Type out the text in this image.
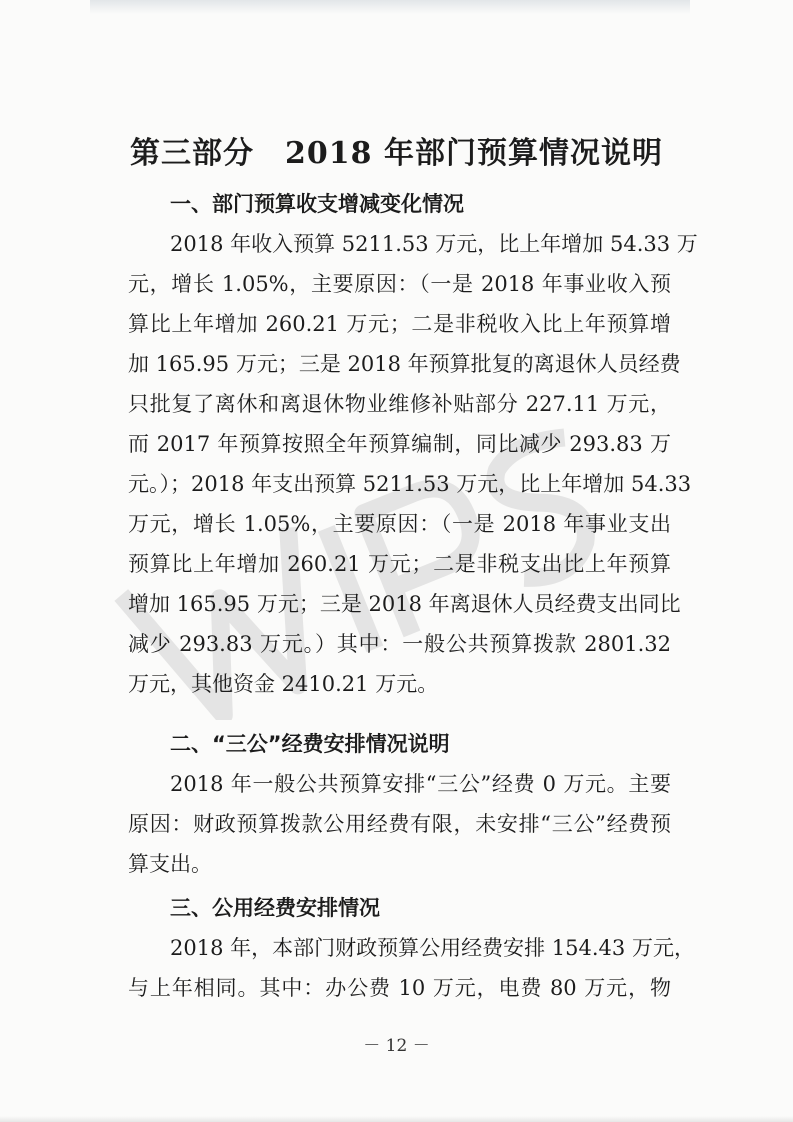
第三部分　2018 年部门预算情况说明
一、部门预算收支增减变化情况
2018 年收入预算 5211.53 万元，比上年增加 54.33 万
元，增长 1.05%，主要原因：（一是 2018 年事业收入预
算比上年增加 260.21 万元；二是非税收入比上年预算增
加 165.95 万元；三是 2018 年预算批复的离退休人员经费
只批复了离休和离退休物业维修补贴部分 227.11 万元，
而 2017 年预算按照全年预算编制，同比减少 293.83 万
元。）；2018 年支出预算 5211.53 万元，比上年增加 54.33
万元，增长 1.05%，主要原因：（一是 2018 年事业支出
预算比上年增加 260.21 万元；二是非税支出比上年预算
增加 165.95 万元；三是 2018 年离退休人员经费支出同比
减少 293.83 万元。）其中：一般公共预算拨款 2801.32
万元，其他资金 2410.21 万元。
二、“三公”经费安排情况说明
2018 年一般公共预算安排“三公”经费 0 万元。主要
原因：财政预算拨款公用经费有限，未安排“三公”经费预
算支出。
三、公用经费安排情况
2018 年，本部门财政预算公用经费安排 154.43 万元，
与上年相同。其中：办公费 10 万元，电费 80 万元，物
－ 12 －
